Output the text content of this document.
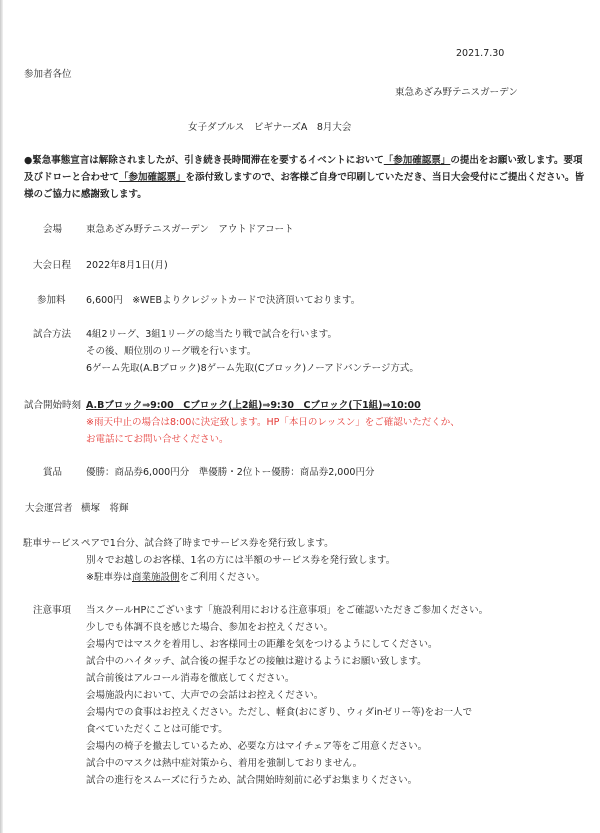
2021.7.30
参加者各位
東急あざみ野テニスガーデン
女子ダブルス　ビギナーズA　8月大会
●緊急事態宣言は解除されましたが、引き続き長時間滞在を要するイベントにおいて「参加確認票」の提出をお願い致します。要項及びドローと合わせて「参加確認票」を添付致しますので、お客様ご自身で印刷していただき、当日大会受付にご提出ください。皆様のご協力に感謝致します。
会場	東急あざみ野テニスガーデン　アウトドアコート
大会日程 2022年8月1日(月)
参加料 6,600円　※WEBよりクレジットカードで決済頂いております。
試合方法 4組2リーグ、3組1リーグの総当たり戦で試合を行います。
その後、順位別のリーグ戦を行います。
6ゲーム先取(A.Bブロック)8ゲーム先取(Cブロック)ノーアドバンテージ方式。
試合開始時刻 A.Bブロック⇒9:00　Cブロック(上2組)⇒9:30　Cブロック(下1組)⇒10:00
※雨天中止の場合は8:00に決定致します。HP「本日のレッスン」をご確認いただくか、
お電話にてお問い合せください。
賞品	優勝：商品券6,000円分　準優勝・2位トー優勝：商品券2,000円分
大会運営者 横塚　将輝
駐車サービス ペアで1台分、試合終了時までサービス券を発行致します。
別々でお越しのお客様、1名の方には半額のサービス券を発行致します。
※駐車券は商業施設側をご利用ください。
注意事項 当スクールHPにございます「施設利用における注意事項」をご確認いただきご参加ください。
少しでも体調不良を感じた場合、参加をお控えください。
会場内ではマスクを着用し、お客様同士の距離を気をつけるようにしてください。
試合中のハイタッチ、試合後の握手などの接触は避けるようにお願い致します。
試合前後はアルコール消毒を徹底してください。
会場施設内において、大声での会話はお控えください。
会場内での食事はお控えください。ただし、軽食(おにぎり、ウィダinゼリー等)をお一人で
食べていただくことは可能です。
会場内の椅子を撤去しているため、必要な方はマイチェア等をご用意ください。
試合中のマスクは熱中症対策から、着用を強制しておりません。
試合の進行をスムーズに行うため、試合開始時刻前に必ずお集まりください。
